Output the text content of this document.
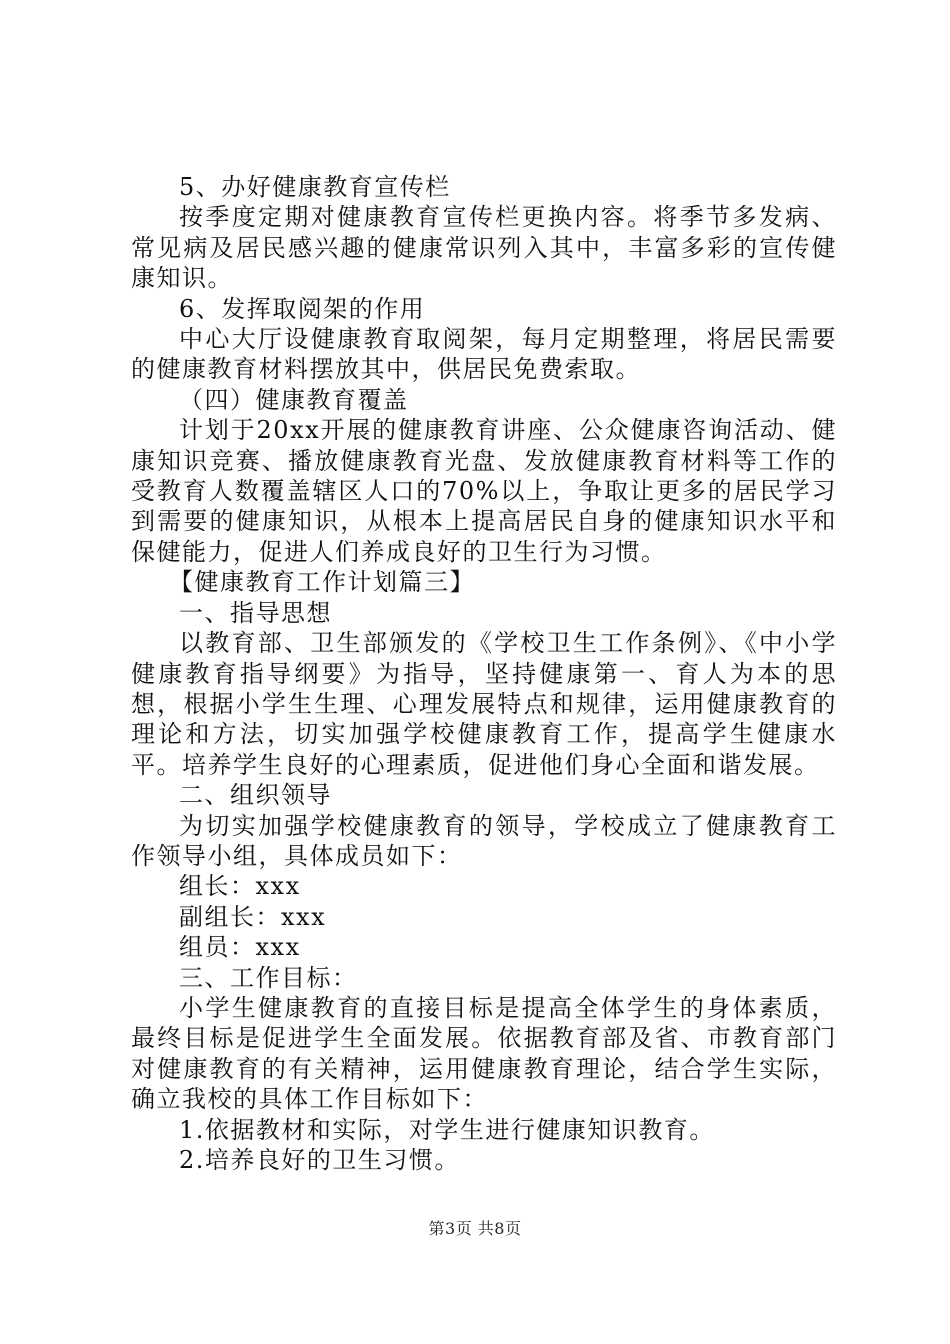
5、办好健康教育宣传栏

按季度定期对健康教育宣传栏更换内容。将季节多发病、常见病及居民感兴趣的健康常识列入其中，丰富多彩的宣传健康知识。

6、发挥取阅架的作用

中心大厅设健康教育取阅架，每月定期整理，将居民需要的健康教育材料摆放其中，供居民免费索取。

（四）健康教育覆盖

计划于20xx开展的健康教育讲座、公众健康咨询活动、健康知识竞赛、播放健康教育光盘、发放健康教育材料等工作的受教育人数覆盖辖区人口的70%以上，争取让更多的居民学习到需要的健康知识，从根本上提高居民自身的健康知识水平和保健能力，促进人们养成良好的卫生行为习惯。

【健康教育工作计划篇三】

一、指导思想

以教育部、卫生部颁发的《学校卫生工作条例》、《中小学健康教育指导纲要》为指导，坚持健康第一、育人为本的思想，根据小学生生理、心理发展特点和规律，运用健康教育的理论和方法，切实加强学校健康教育工作，提高学生健康水平。培养学生良好的心理素质，促进他们身心全面和谐发展。

二、组织领导

为切实加强学校健康教育的领导，学校成立了健康教育工作领导小组，具体成员如下：

组长：xxx

副组长：xxx

组员：xxx

三、工作目标：

小学生健康教育的直接目标是提高全体学生的身体素质，最终目标是促进学生全面发展。依据教育部及省、市教育部门对健康教育的有关精神，运用健康教育理论，结合学生实际，确立我校的具体工作目标如下：

1.依据教材和实际，对学生进行健康知识教育。

2.培养良好的卫生习惯。

第3页 共8页
